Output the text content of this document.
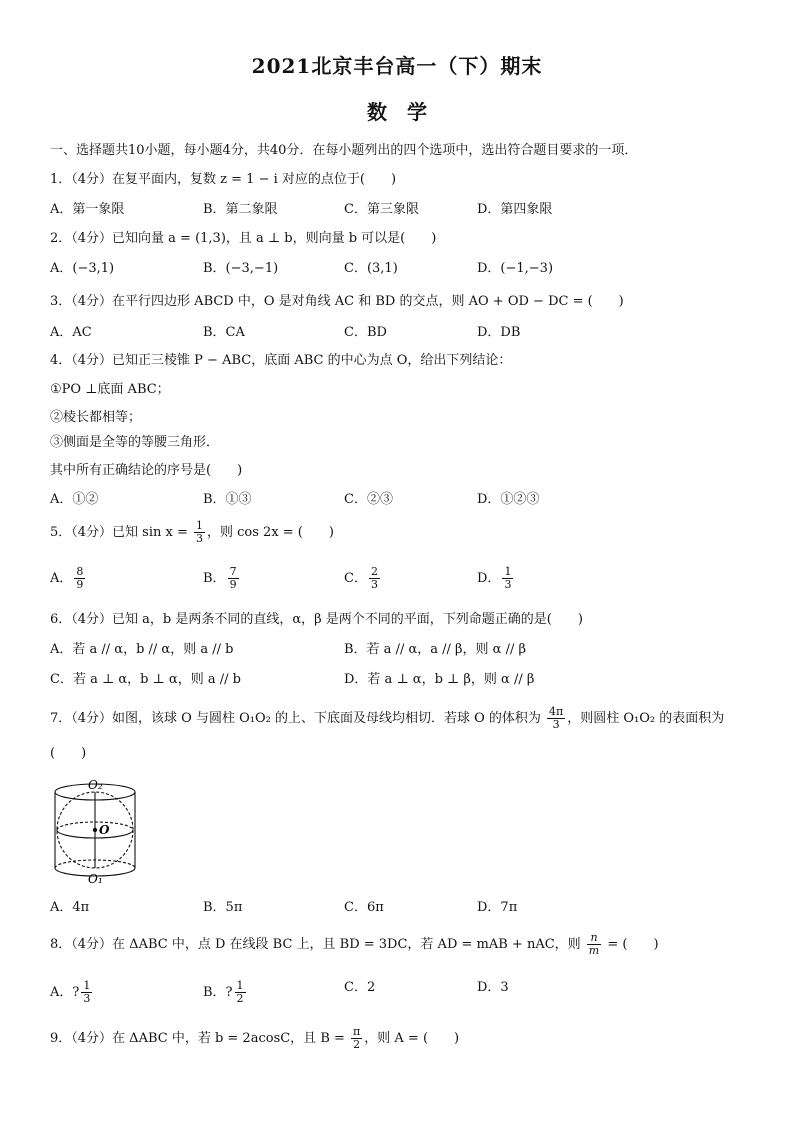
2021北京丰台高一（下）期末
数　学
一、选择题共10小题，每小题4分，共40分．在每小题列出的四个选项中，选出符合题目要求的一项．
1．（4分）在复平面内，复数 z = 1 − i 对应的点位于(　　)
A．第一象限	B．第二象限	C．第三象限	D．第四象限
2．（4分）已知向量 a = (1,3)，且 a ⊥ b，则向量 b 可以是(　　)
A．(−3,1)	B．(−3,−1)	C．(3,1)	D．(−1,−3)
3．（4分）在平行四边形 ABCD 中，O 是对角线 AC 和 BD 的交点，则 AO + OD − DC = (　　)
A．AC	B．CA	C．BD	D．DB
4．（4分）已知正三棱锥 P − ABC，底面 ABC 的中心为点 O，给出下列结论：
①PO ⊥底面 ABC；
②棱长都相等；
③侧面是全等的等腰三角形．
其中所有正确结论的序号是(　　)
A．①②	B．①③	C．②③	D．①②③
5．（4分）已知 $\sin x = \frac{1}{3}$ ，则 cos 2x = (　　)
A． $\frac{8}{9}$	B． $\frac{7}{9}$	C． $\frac{2}{3}$	D． $\frac{1}{3}$
6．（4分）已知 a，b 是两条不同的直线，α，β 是两个不同的平面，下列命题正确的是(　　)
A．若 a // α，b // α，则 a // b	B．若 a // α，a // β，则 α // β
C．若 a ⊥ α，b ⊥ α，则 a // b	D．若 a ⊥ α，b ⊥ β，则 α // β
7．（4分）如图，该球 O 与圆柱 O₁O₂ 的上、下底面及母线均相切．若球 O 的体积为 $\frac{4\pi}{3}$ ，则圆柱 O₁O₂ 的表面积为
(　　)
O₂
O
O₁
A．4π	B．5π	C．6π	D．7π
8．（4分）在 ΔABC 中，点 D 在线段 BC 上，且 BD = 3DC，若 AD = mAB + nAC，则 $\frac{n}{m}$ = (　　)
A．? $\frac{1}{3}$	B．? $\frac{1}{2}$	C．2	D．3
9．（4分）在 ΔABC 中，若 b = 2acosC，且 $B = \frac{\pi}{2}$ ，则 A = (　　)
